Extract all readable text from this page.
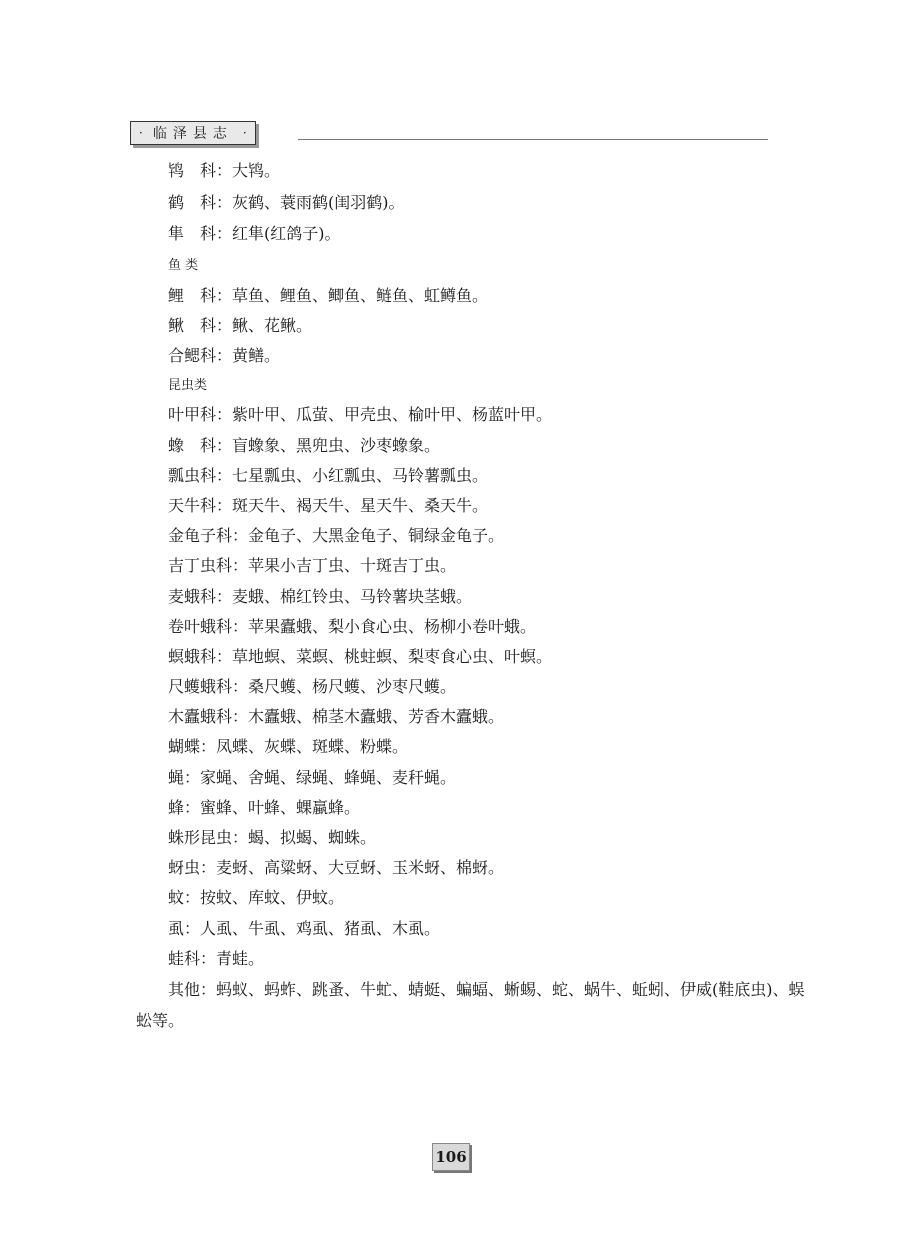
· 临泽县志 ·
鸨　科：大鸨。
鹤　科：灰鹤、蓑雨鹤(闺羽鹤)。
隼　科：红隼(红鸽子)。
鱼 类
鲤　科：草鱼、鲤鱼、鲫鱼、鲢鱼、虹鳟鱼。
鳅　科：鳅、花鳅。
合鳃科：黄鳝。
昆虫类
叶甲科：紫叶甲、瓜萤、甲壳虫、榆叶甲、杨蓝叶甲。
蟓　科：盲蟓象、黑兜虫、沙枣蟓象。
瓢虫科：七星瓢虫、小红瓢虫、马铃薯瓢虫。
天牛科：斑天牛、褐天牛、星天牛、桑天牛。
金龟子科：金龟子、大黑金龟子、铜绿金龟子。
吉丁虫科：苹果小吉丁虫、十斑吉丁虫。
麦蛾科：麦蛾、棉红铃虫、马铃薯块茎蛾。
卷叶蛾科：苹果蠹蛾、梨小食心虫、杨柳小卷叶蛾。
螟蛾科：草地螟、菜螟、桃蛀螟、梨枣食心虫、叶螟。
尺蠖蛾科：桑尺蠖、杨尺蠖、沙枣尺蠖。
木蠹蛾科：木蠹蛾、棉茎木蠹蛾、芳香木蠹蛾。
蝴蝶：凤蝶、灰蝶、斑蝶、粉蝶。
蝇：家蝇、舍蝇、绿蝇、蜂蝇、麦秆蝇。
蜂：蜜蜂、叶蜂、蜾蠃蜂。
蛛形昆虫：蝎、拟蝎、蜘蛛。
蚜虫：麦蚜、高粱蚜、大豆蚜、玉米蚜、棉蚜。
蚊：按蚊、库蚊、伊蚊。
虱：人虱、牛虱、鸡虱、猪虱、木虱。
蛙科：青蛙。
其他：蚂蚁、蚂蚱、跳蚤、牛虻、蜻蜓、蝙蝠、蜥蜴、蛇、蜗牛、蚯蚓、伊威(鞋底虫)、蜈
蚣等。
106
